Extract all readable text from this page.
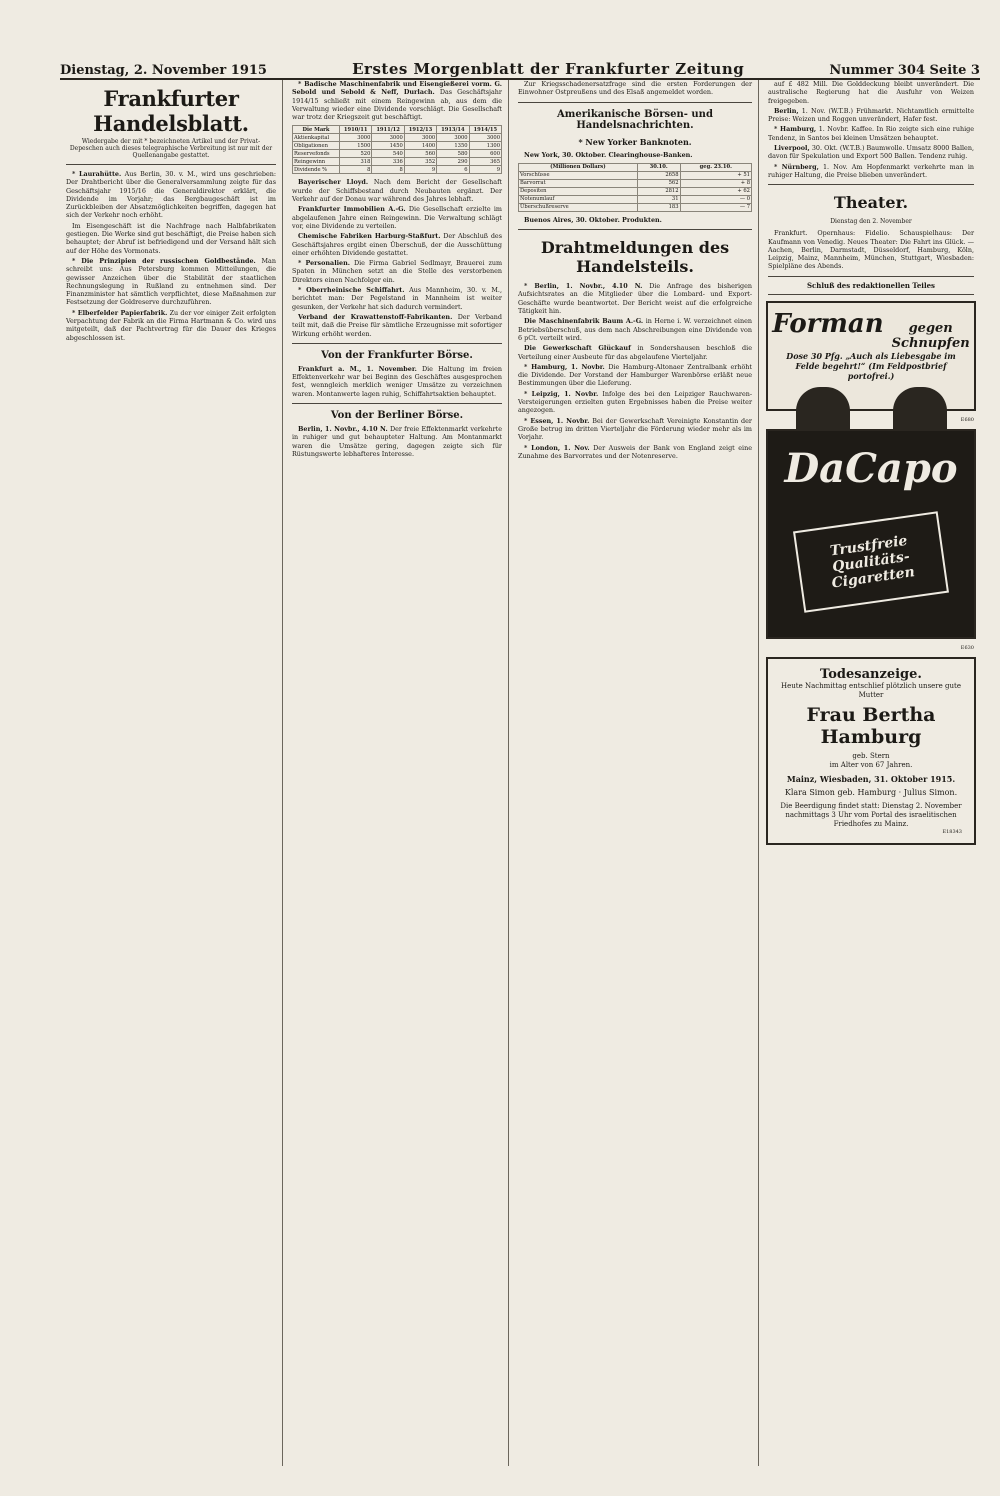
Dienstag, 2. November 1915	Erstes Morgenblatt der Frankfurter Zeitung	Nummer 304 Seite 3
Frankfurter Handelsblatt.
Wiedergabe der mit * bezeichneten Artikel und der Privat-Depeschen auch dieses telegraphische Verbreitung ist nur mit der Quellenangabe gestattet.

* Laurahütte. Aus Berlin, 30. v. M., wird uns geschrieben: Der Drahtbericht über die Generalversammlung zeigte für das Geschäftsjahr 1915/16 die Generaldirektor erklärt, die Dividende im Vorjahr; das Bergbaugeschäft ist im Zurückbleiben der Absatzmöglichkeiten begriffen, dagegen hat sich der Verkehr noch erhöht.

Im Eisengeschäft ist die Nachfrage nach Halbfabrikaten gestiegen. Die Werke sind gut beschäftigt, die Preise haben sich behauptet; der Abruf ist befriedigend und der Versand hält sich auf der Höhe des Vormonats.

* Die Prinzipien der russischen Goldbestände. Man schreibt uns: Aus Petersburg kommen Mitteilungen, die gewisser Anzeichen über die Stabilität der staatlichen Rechnungslegung in Rußland zu entnehmen sind. Der Finanzminister hat sämtlich verpflichtet, diese Maßnahmen zur Festsetzung der Goldreserve durchzuführen.

* Elberfelder Papierfabrik. Zu der vor einiger Zeit erfolgten Verpachtung der Fabrik an die Firma Hartmann & Co. wird uns mitgeteilt, daß der Pachtvertrag für die Dauer des Krieges abgeschlossen ist.

* Badische Maschinenfabrik und Eisengießerei vorm. G. Sebold und Sebold & Neff, Durlach. Das Geschäftsjahr 1914/15 schließt mit einem Reingewinn ab, aus dem die Verwaltung wieder eine Dividende vorschlägt. Die Gesellschaft war trotz der Kriegszeit gut beschäftigt.

Die Mark	1910/11	1911/12	1912/13	1913/14	1914/15
Aktienkapital	3000	3000	3000	3000	3000
Obligationen	1500	1450	1400	1350	1300
Reservefonds	520	540	560	580	600
Reingewinn	318	336	352	290	365
Dividende %	8	8	9	6	9

Bayerischer Lloyd. Nach dem Bericht der Gesellschaft wurde der Schiffsbestand durch Neubauten ergänzt. Der Verkehr auf der Donau war während des Jahres lebhaft.

Frankfurter Immobilien A.-G. Die Gesellschaft erzielte im abgelaufenen Jahre einen Reingewinn. Die Verwaltung schlägt vor, eine Dividende zu verteilen.

Chemische Fabriken Harburg-Staßfurt. Der Abschluß des Geschäftsjahres ergibt einen Überschuß, der die Ausschüttung einer erhöhten Dividende gestattet.

* Personalien. Die Firma Gabriel Sedlmayr, Brauerei zum Spaten in München setzt an die Stelle des verstorbenen Direktors einen Nachfolger ein.

* Oberrheinische Schiffahrt. Aus Mannheim, 30. v. M., berichtet man: Der Pegelstand in Mannheim ist weiter gesunken, der Verkehr hat sich dadurch vermindert.

Verband der Krawattenstoff-Fabrikanten. Der Verband teilt mit, daß die Preise für sämtliche Erzeugnisse mit sofortiger Wirkung erhöht werden.

Von der Frankfurter Börse.

Frankfurt a. M., 1. November. Die Haltung im freien Effektenverkehr war bei Beginn des Geschäftes ausgesprochen fest, wenngleich merklich weniger Umsätze zu verzeichnen waren. Montanwerte lagen ruhig, Schiffahrtsaktien behauptet.

Von der Berliner Börse.

Berlin, 1. Novbr., 4.10 N. Der freie Effektenmarkt verkehrte in ruhiger und gut behaupteter Haltung. Am Montanmarkt waren die Umsätze gering, dagegen zeigte sich für Rüstungswerte lebhafteres Interesse.

Zur Kriegsschadenersatzfrage sind die ersten Forderungen der Einwohner Ostpreußens und des Elsaß angemeldet worden.

Amerikanische Börsen- und Handelsnachrichten.
* New Yorker Banknoten.

New York, 30. Oktober. Clearinghouse-Banken.

(Millionen Dollars)	30.10.	geg. 23.10.
Vorschüsse	2658	+ 51
Barvorrat	562	+ 8
Depositen	2812	+ 62
Notenumlauf	31	— 0
Überschußreserve	183	— 7

Buenos Aires, 30. Oktober. Produkten.

Drahtmeldungen des Handelsteils.

* Berlin, 1. Novbr., 4.10 N. Die Anfrage des bisherigen Aufsichtsrates an die Mitglieder über die Lombard- und Export-Geschäfte wurde beantwortet. Der Bericht weist auf die erfolgreiche Tätigkeit hin.

Die Maschinenfabrik Baum A.-G. in Herne i. W. verzeichnet einen Betriebsüberschuß, aus dem nach Abschreibungen eine Dividende von 6 pCt. verteilt wird.

Die Gewerkschaft Glückauf in Sondershausen beschloß die Verteilung einer Ausbeute für das abgelaufene Vierteljahr.

* Hamburg, 1. Novbr. Die Hamburg-Altonaer Zentralbank erhöht die Dividende. Der Vorstand der Hamburger Warenbörse erläßt neue Bestimmungen über die Lieferung.

* Leipzig, 1. Novbr. Infolge des bei den Leipziger Rauchwaren-Versteigerungen erzielten guten Ergebnisses haben die Preise weiter angezogen.

* Essen, 1. Novbr. Bei der Gewerkschaft Vereinigte Konstantin der Große betrug im dritten Vierteljahr die Förderung wieder mehr als im Vorjahr.

* London, 1. Nov. Der Ausweis der Bank von England zeigt eine Zunahme des Barvorrates und der Notenreserve.

auf £ 482 Mill. Die Golddeckung bleibt unverändert. Die australische Regierung hat die Ausfuhr von Weizen freigegeben.

Berlin, 1. Nov. (W.T.B.) Frühmarkt. Nichtamtlich ermittelte Preise: Weizen und Roggen unverändert, Hafer fest.

* Hamburg, 1. Novbr. Kaffee. In Rio zeigte sich eine ruhige Tendenz, in Santos bei kleinen Umsätzen behauptet.

Liverpool, 30. Okt. (W.T.B.) Baumwolle. Umsatz 8000 Ballen, davon für Spekulation und Export 500 Ballen. Tendenz ruhig.

* Nürnberg, 1. Nov. Am Hopfenmarkt verkehrte man in ruhiger Haltung, die Preise blieben unverändert.

Theater.
Dienstag den 2. November

Frankfurt. Opernhaus: Fidelio. Schauspielhaus: Der Kaufmann von Venedig. Neues Theater: Die Fahrt ins Glück. — Aachen, Berlin, Darmstadt, Düsseldorf, Hamburg, Köln, Leipzig, Mainz, Mannheim, München, Stuttgart, Wiesbaden: Spielpläne des Abends.

Schluß des redaktionellen Teiles
Forman	gegen Schnupfen
Dose 30 Pfg. „Auch als Liebesgabe im Felde begehrt!“ (Im Feldpostbrief portofrei.)
E680
DaCapo
Trustfreie Qualitäts-Cigaretten
E630
Todesanzeige.
Heute Nachmittag entschlief plötzlich unsere gute Mutter
Frau Bertha Hamburg
geb. Stern
im Alter von 67 Jahren.
Mainz, Wiesbaden, 31. Oktober 1915.
Klara Simon geb. Hamburg · Julius Simon.
Die Beerdigung findet statt: Dienstag 2. November nachmittags 3 Uhr vom Portal des israelitischen Friedhofes zu Mainz.
E18343
